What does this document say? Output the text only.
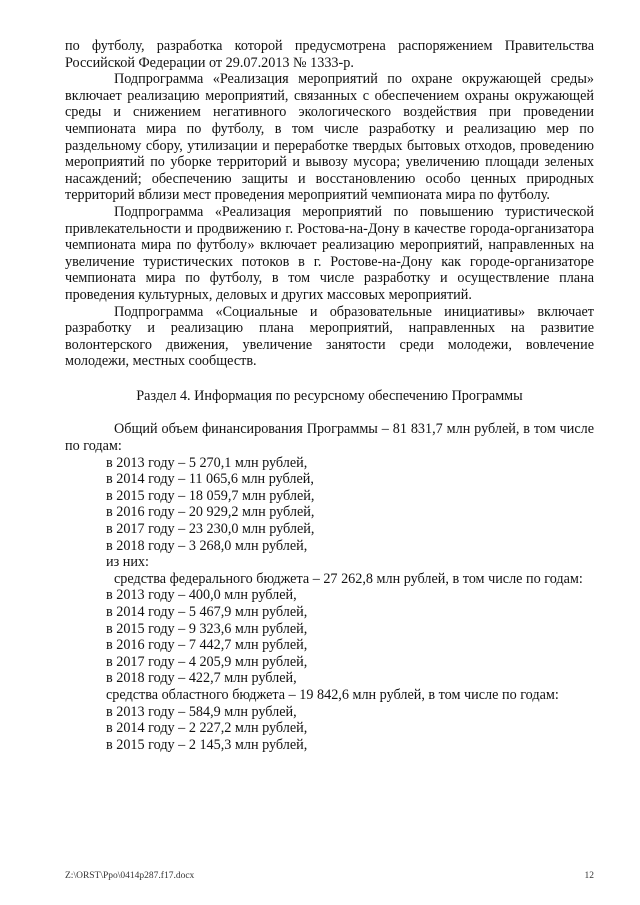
по футболу, разработка которой предусмотрена распоряжением Правительства Российской Федерации от 29.07.2013 № 1333-р.

Подпрограмма «Реализация мероприятий по охране окружающей среды» включает реализацию мероприятий, связанных с обеспечением охраны окружающей среды и снижением негативного экологического воздействия при проведении чемпионата мира по футболу, в том числе разработку и реализацию мер по раздельному сбору, утилизации и переработке твердых бытовых отходов, проведению мероприятий по уборке территорий и вывозу мусора; увеличению площади зеленых насаждений; обеспечению защиты и восстановлению особо ценных природных территорий вблизи мест проведения мероприятий чемпионата мира по футболу.

Подпрограмма «Реализация мероприятий по повышению туристической привлекательности и продвижению г. Ростова-на-Дону в качестве города-организатора чемпионата мира по футболу» включает реализацию мероприятий, направленных на увеличение туристических потоков в г. Ростове-на-Дону как городе-организаторе чемпионата мира по футболу, в том числе разработку и осуществление плана проведения культурных, деловых и других массовых мероприятий.

Подпрограмма «Социальные и образовательные инициативы» включает разработку и реализацию плана мероприятий, направленных на развитие волонтерского движения, увеличение занятости среди молодежи, вовлечение молодежи, местных сообществ.

Раздел 4. Информация по ресурсному обеспечению Программы

Общий объем финансирования Программы – 81 831,7 млн рублей, в том числе по годам:

в 2013 году – 5 270,1 млн рублей,
в 2014 году – 11 065,6 млн рублей,
в 2015 году – 18 059,7 млн рублей,
в 2016 году – 20 929,2 млн рублей,
в 2017 году – 23 230,0 млн рублей,
в 2018 году – 3 268,0 млн рублей,
из них:

средства федерального бюджета – 27 262,8 млн рублей, в том числе по годам:

в 2013 году – 400,0 млн рублей,
в 2014 году – 5 467,9 млн рублей,
в 2015 году – 9 323,6 млн рублей,
в 2016 году – 7 442,7 млн рублей,
в 2017 году – 4 205,9 млн рублей,
в 2018 году – 422,7 млн рублей,
средства областного бюджета – 19 842,6 млн рублей, в том числе по годам:
в 2013 году – 584,9 млн рублей,
в 2014 году – 2 227,2 млн рублей,
в 2015 году – 2 145,3 млн рублей,
Z:\ORST\Ppo\0414p287.f17.docx	12
